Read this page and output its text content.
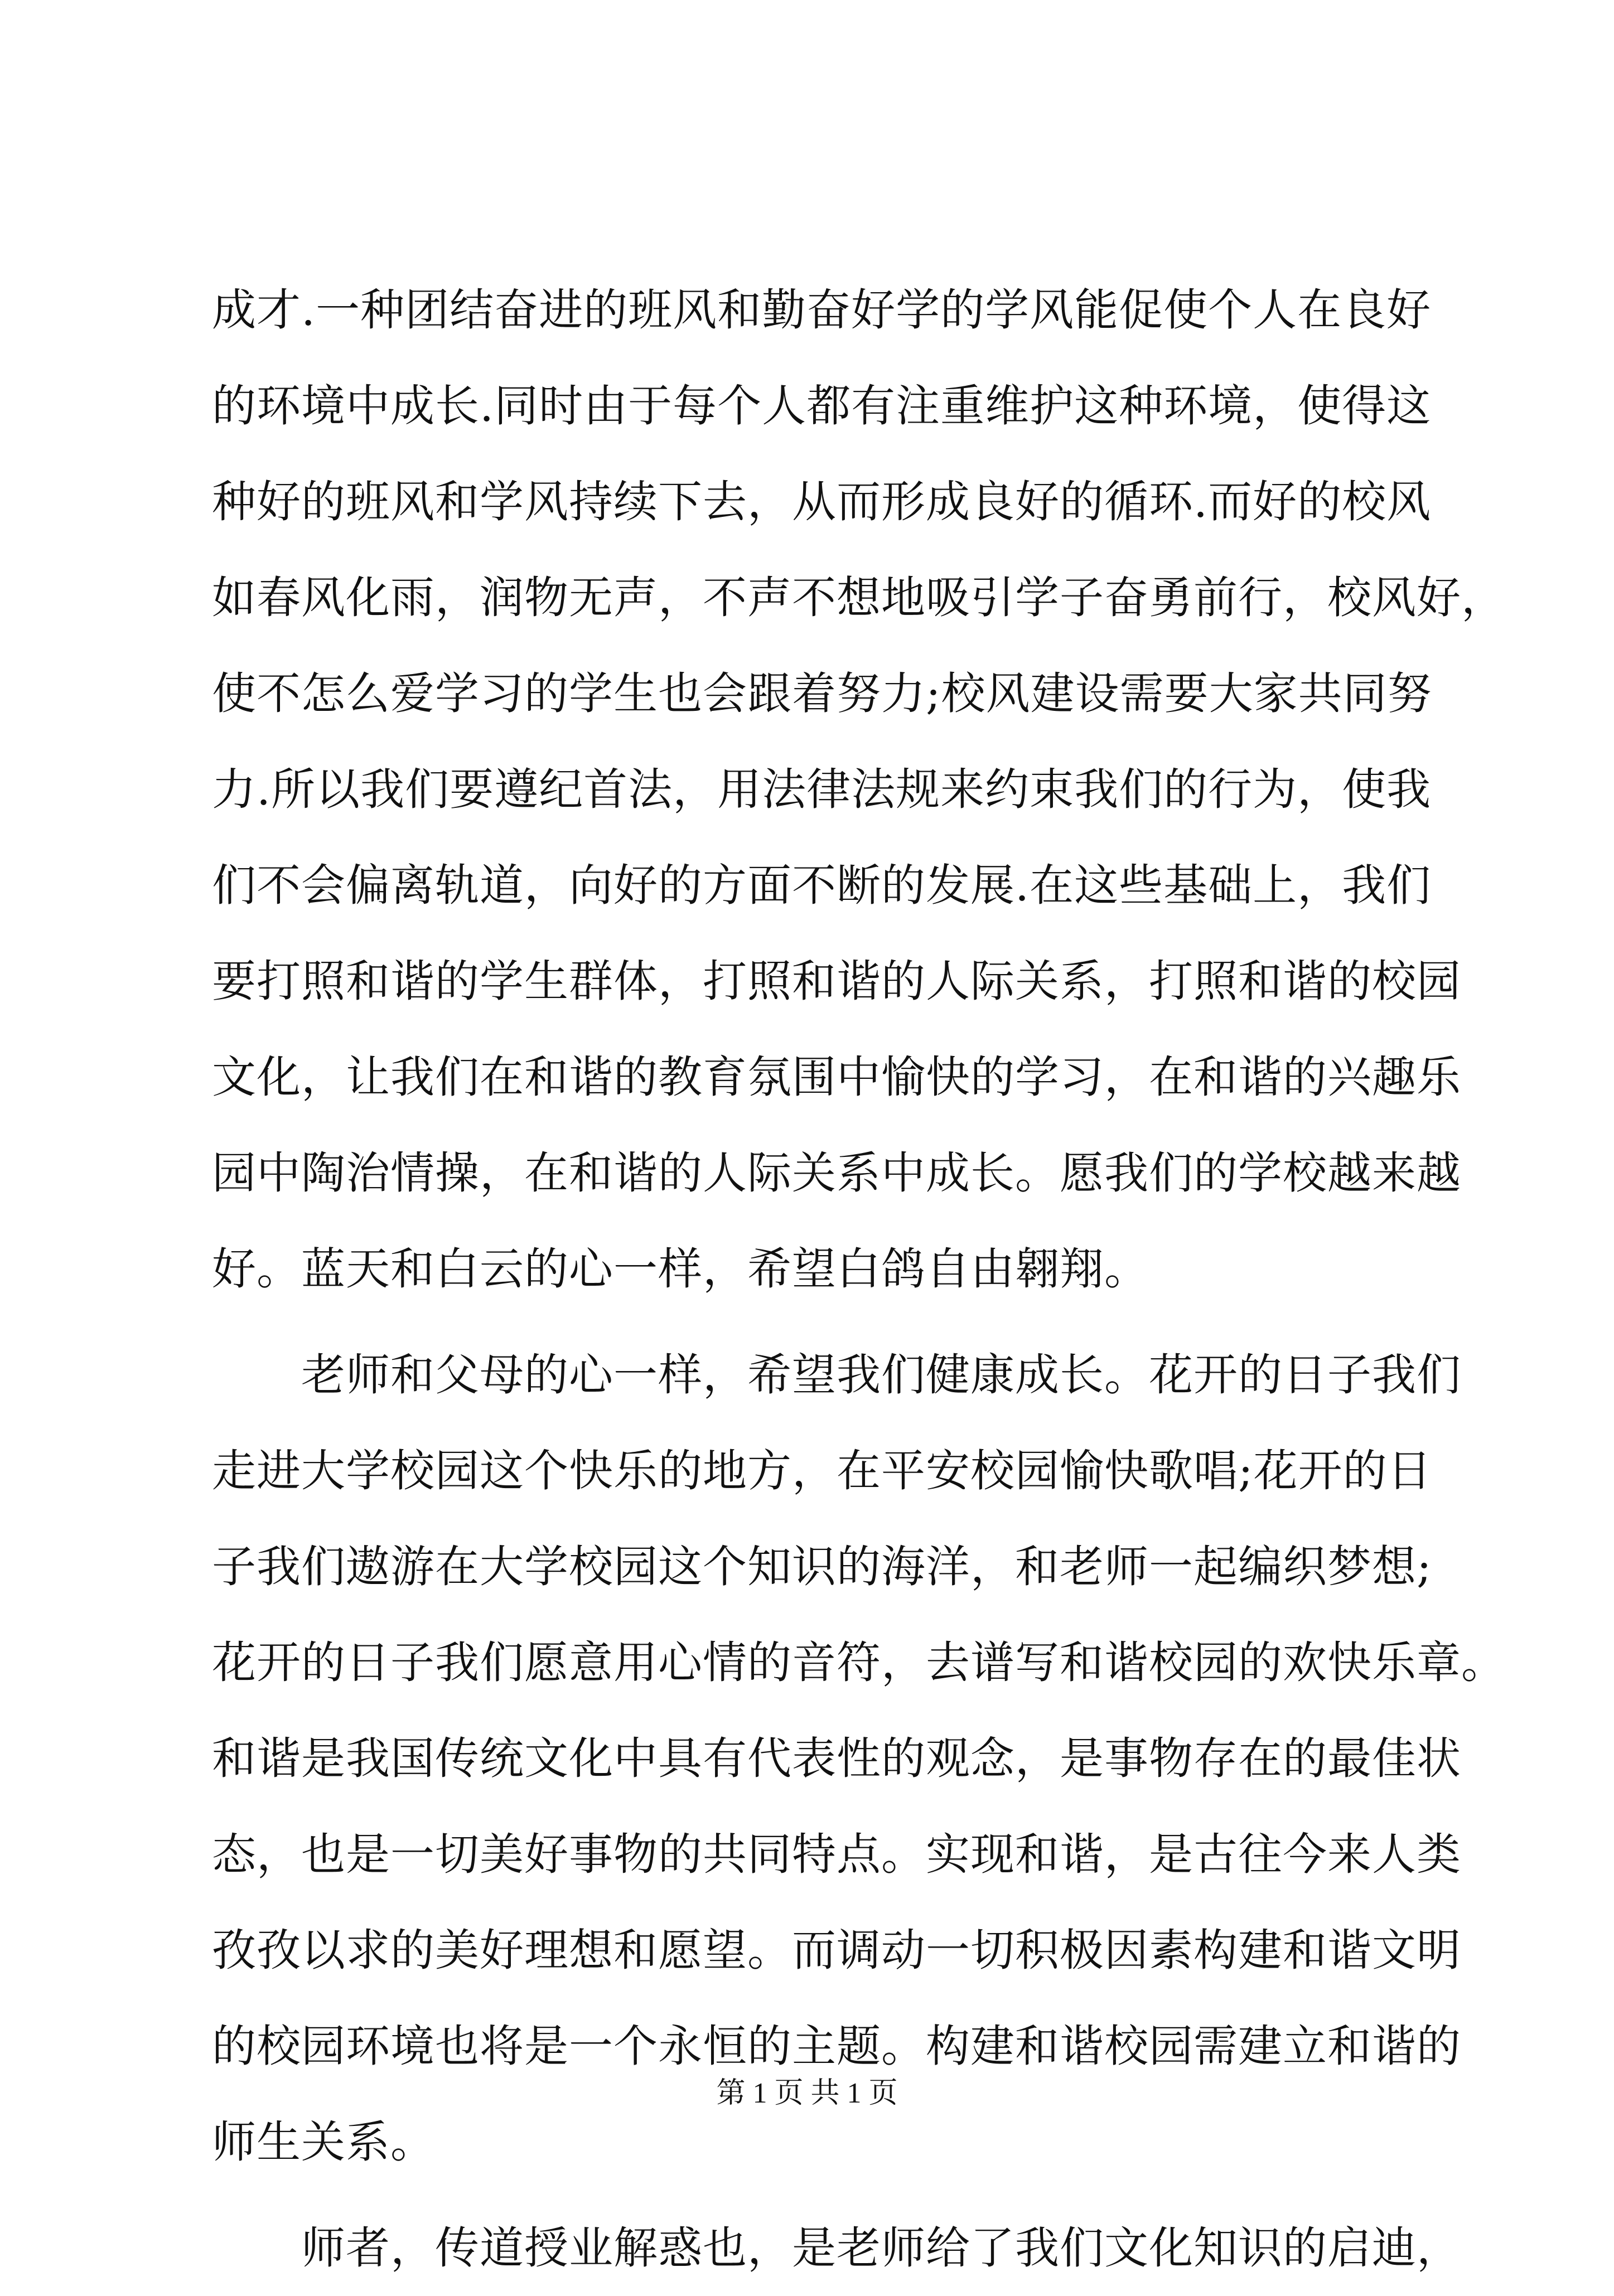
成才.一种团结奋进的班风和勤奋好学的学风能促使个人在良好
的环境中成长.同时由于每个人都有注重维护这种环境，使得这
种好的班风和学风持续下去，从而形成良好的循环.而好的校风
如春风化雨，润物无声，不声不想地吸引学子奋勇前行，校风好，
使不怎么爱学习的学生也会跟着努力;校风建设需要大家共同努
力.所以我们要遵纪首法，用法律法规来约束我们的行为，使我
们不会偏离轨道，向好的方面不断的发展.在这些基础上，我们
要打照和谐的学生群体，打照和谐的人际关系，打照和谐的校园
文化，让我们在和谐的教育氛围中愉快的学习，在和谐的兴趣乐
园中陶治情操，在和谐的人际关系中成长。愿我们的学校越来越
好。蓝天和白云的心一样，希望白鸽自由翱翔。
老师和父母的心一样，希望我们健康成长。花开的日子我们
走进大学校园这个快乐的地方，在平安校园愉快歌唱;花开的日
子我们遨游在大学校园这个知识的海洋，和老师一起编织梦想;
花开的日子我们愿意用心情的音符，去谱写和谐校园的欢快乐章。
和谐是我国传统文化中具有代表性的观念，是事物存在的最佳状
态，也是一切美好事物的共同特点。实现和谐，是古往今来人类
孜孜以求的美好理想和愿望。而调动一切积极因素构建和谐文明
的校园环境也将是一个永恒的主题。构建和谐校园需建立和谐的
师生关系。
师者，传道授业解惑也，是老师给了我们文化知识的启迪，
第 1 页 共 1 页
